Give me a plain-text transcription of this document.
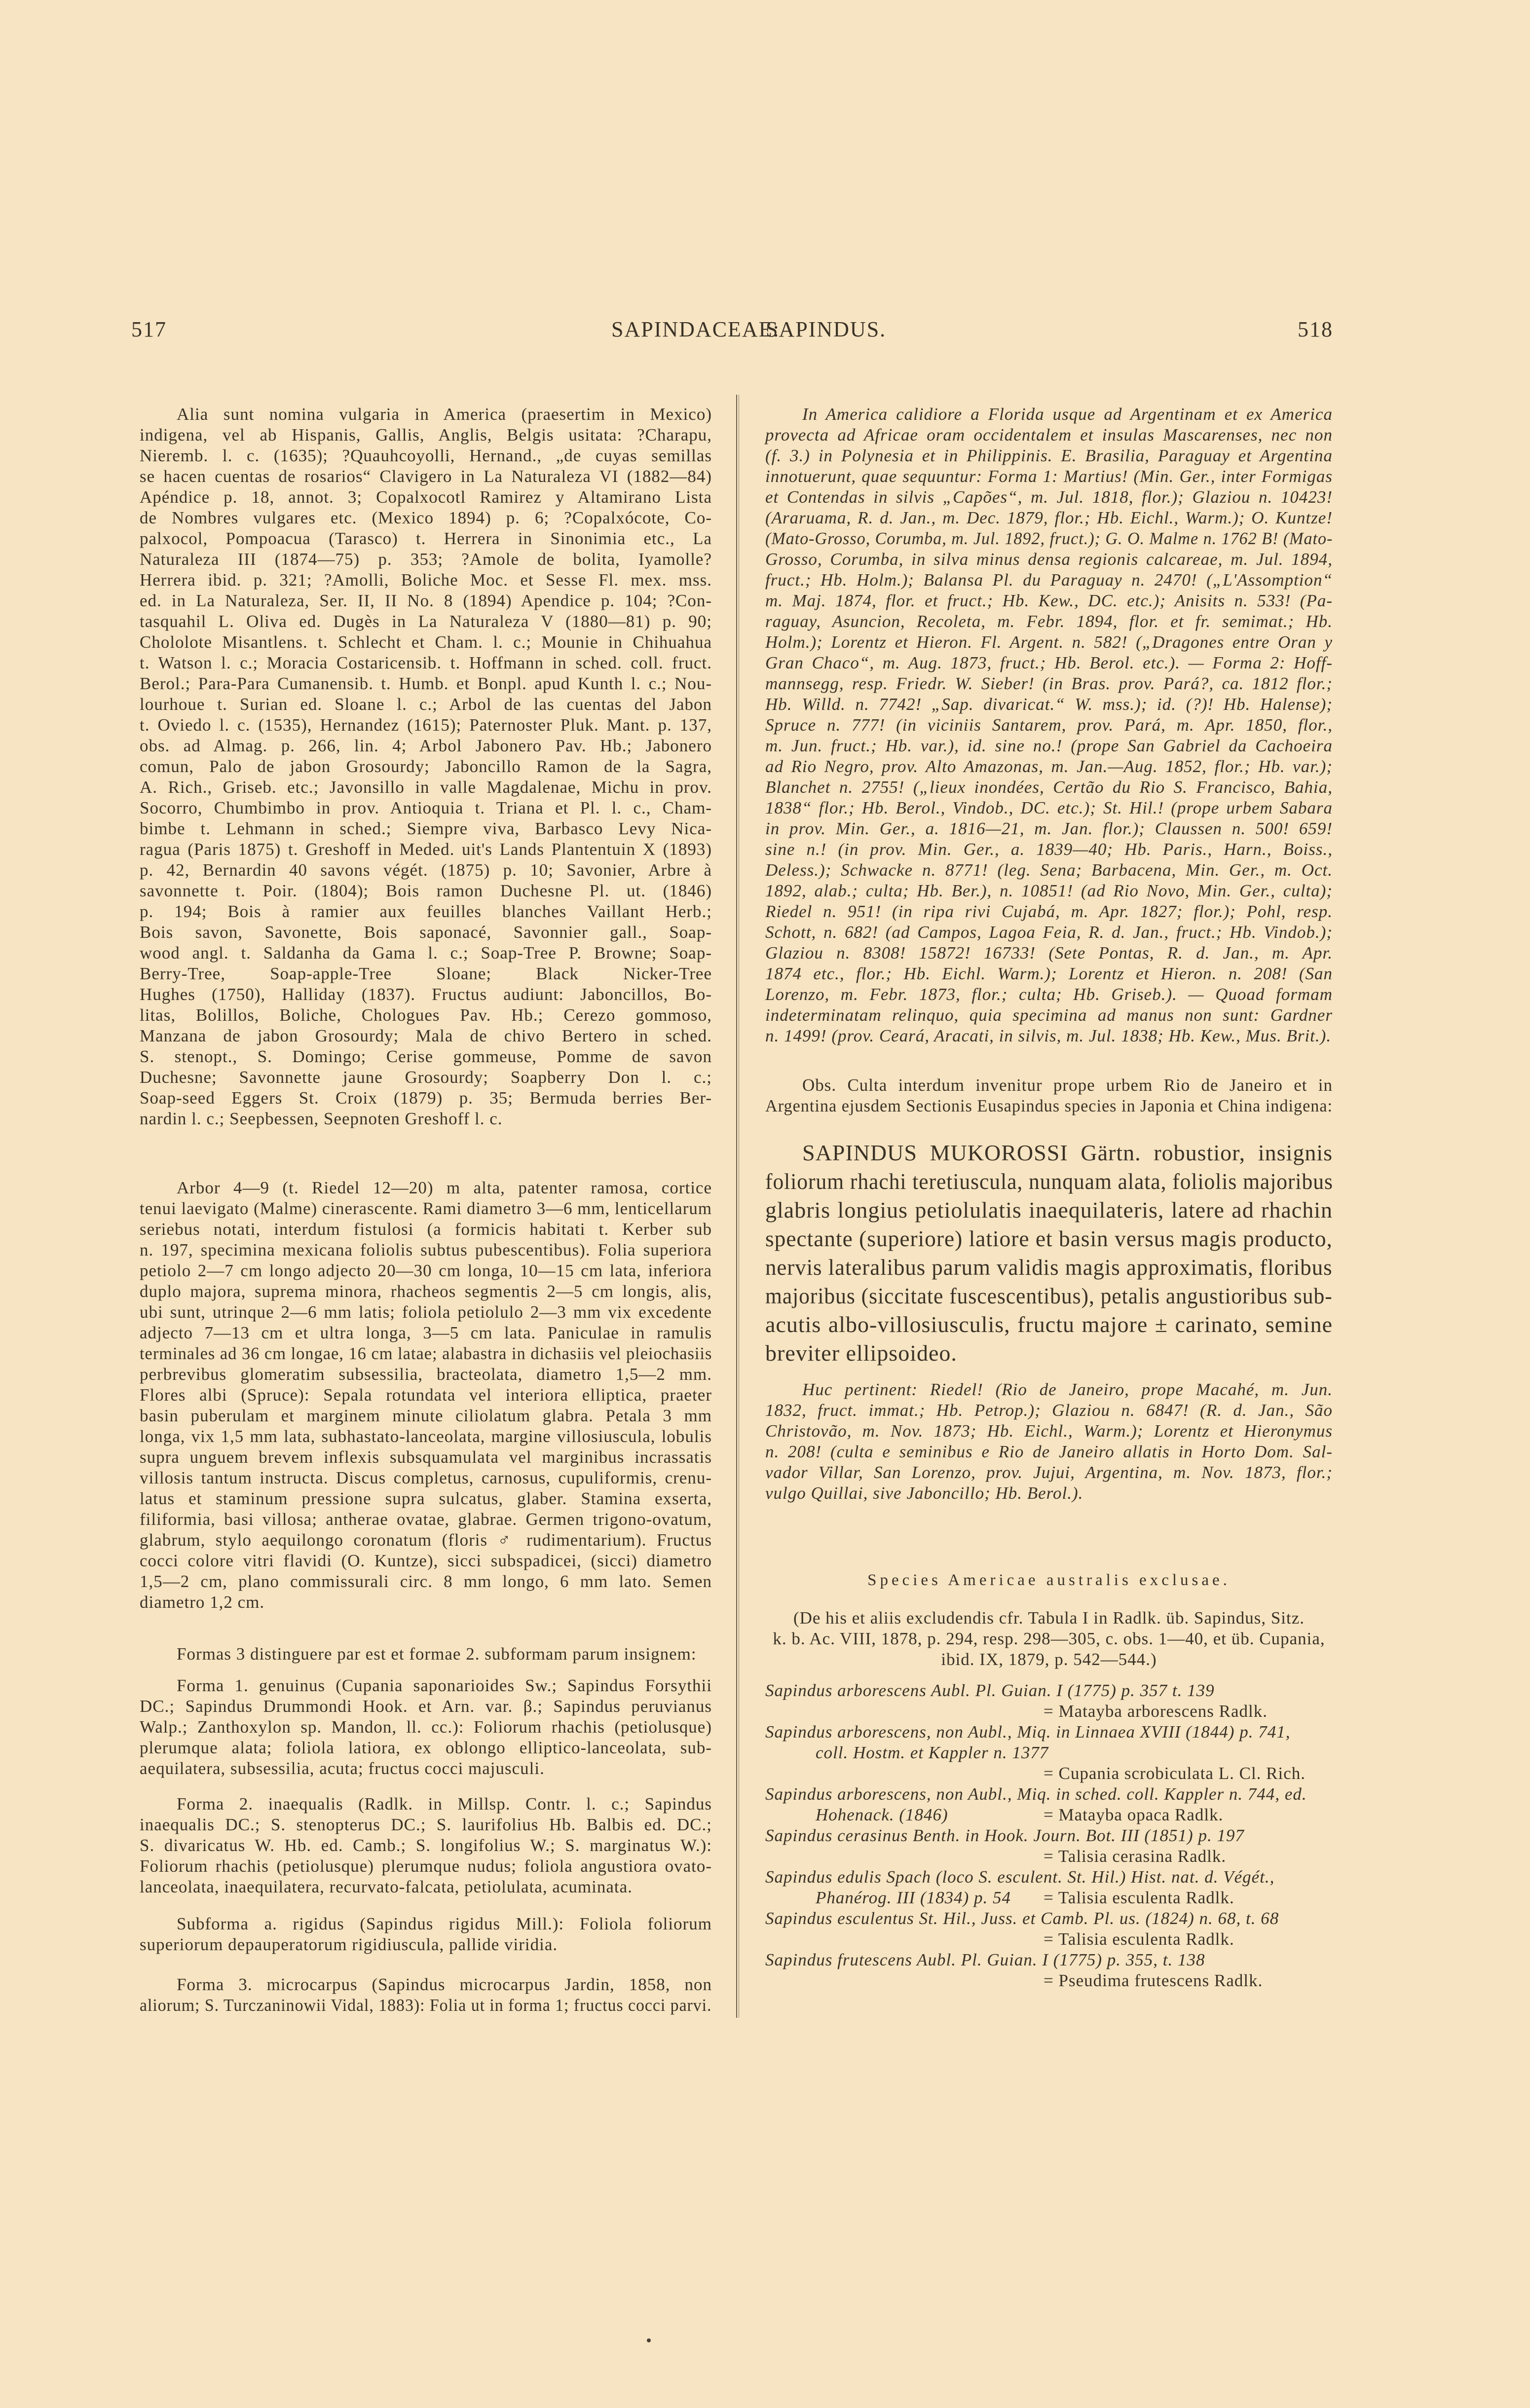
517	SAPINDACEAE:
SAPINDUS.	518
Alia sunt nomina vulgaria in America (praesertim in Mexico)
indigena, vel ab Hispanis, Gallis, Anglis, Belgis usitata: ?Charapu,
Nieremb. l. c. (1635); ?Quauhcoyolli, Hernand., „de cuyas semillas
se hacen cuentas de rosarios“ Clavigero in La Naturaleza VI (1882—84)
Apéndice p. 18, annot. 3; Copalxocotl Ramirez y Altamirano Lista
de Nombres vulgares etc. (Mexico 1894) p. 6; ?Copalxócote, Co-
palxocol, Pompoacua (Tarasco) t. Herrera in Sinonimia etc., La
Naturaleza III (1874—75) p. 353; ?Amole de bolita, Iyamolle?
Herrera ibid. p. 321; ?Amolli, Boliche Moc. et Sesse Fl. mex. mss.
ed. in La Naturaleza, Ser. II, II No. 8 (1894) Apendice p. 104; ?Con-
tasquahil L. Oliva ed. Dugès in La Naturaleza V (1880—81) p. 90;
Chololote Misantlens. t. Schlecht et Cham. l. c.; Mounie in Chihuahua
t. Watson l. c.; Moracia Costaricensib. t. Hoffmann in sched. coll. fruct.
Berol.; Para-Para Cumanensib. t. Humb. et Bonpl. apud Kunth l. c.; Nou-
lourhoue t. Surian ed. Sloane l. c.; Arbol de las cuentas del Jabon
t. Oviedo l. c. (1535), Hernandez (1615); Paternoster Pluk. Mant. p. 137,
obs. ad Almag. p. 266, lin. 4; Arbol Jabonero Pav. Hb.; Jabonero
comun, Palo de jabon Grosourdy; Jaboncillo Ramon de la Sagra,
A. Rich., Griseb. etc.; Javonsillo in valle Magdalenae, Michu in prov.
Socorro, Chumbimbo in prov. Antioquia t. Triana et Pl. l. c., Cham-
bimbe t. Lehmann in sched.; Siempre viva, Barbasco Levy Nica-
ragua (Paris 1875) t. Greshoff in Meded. uit's Lands Plantentuin X (1893)
p. 42, Bernardin 40 savons végét. (1875) p. 10; Savonier, Arbre à
savonnette t. Poir. (1804); Bois ramon Duchesne Pl. ut. (1846)
p. 194; Bois à ramier aux feuilles blanches Vaillant Herb.;
Bois savon, Savonette, Bois saponacé, Savonnier gall., Soap-
wood angl. t. Saldanha da Gama l. c.; Soap-Tree P. Browne; Soap-
Berry-Tree, Soap-apple-Tree Sloane; Black Nicker-Tree
Hughes (1750), Halliday (1837). Fructus audiunt: Jaboncillos, Bo-
litas, Bolillos, Boliche, Chologues Pav. Hb.; Cerezo gommoso,
Manzana de jabon Grosourdy; Mala de chivo Bertero in sched.
S. stenopt., S. Domingo; Cerise gommeuse, Pomme de savon
Duchesne; Savonnette jaune Grosourdy; Soapberry Don l. c.;
Soap-seed Eggers St. Croix (1879) p. 35; Bermuda berries Ber-
nardin l. c.; Seepbessen, Seepnoten Greshoff l. c.
Arbor 4—9 (t. Riedel 12—20) m alta, patenter ramosa, cortice
tenui laevigato (Malme) cinerascente. Rami diametro 3—6 mm, lenticellarum
seriebus notati, interdum fistulosi (a formicis habitati t. Kerber sub
n. 197, specimina mexicana foliolis subtus pubescentibus). Folia superiora
petiolo 2—7 cm longo adjecto 20—30 cm longa, 10—15 cm lata, inferiora
duplo majora, suprema minora, rhacheos segmentis 2—5 cm longis, alis,
ubi sunt, utrinque 2—6 mm latis; foliola petiolulo 2—3 mm vix excedente
adjecto 7—13 cm et ultra longa, 3—5 cm lata. Paniculae in ramulis
terminales ad 36 cm longae, 16 cm latae; alabastra in dichasiis vel pleiochasiis
perbrevibus glomeratim subsessilia, bracteolata, diametro 1,5—2 mm.
Flores albi (Spruce): Sepala rotundata vel interiora elliptica, praeter
basin puberulam et marginem minute ciliolatum glabra. Petala 3 mm
longa, vix 1,5 mm lata, subhastato-lanceolata, margine villosiuscula, lobulis
supra unguem brevem inflexis subsquamulata vel marginibus incrassatis
villosis tantum instructa. Discus completus, carnosus, cupuliformis, crenu-
latus et staminum pressione supra sulcatus, glaber. Stamina exserta,
filiformia, basi villosa; antherae ovatae, glabrae. Germen trigono-ovatum,
glabrum, stylo aequilongo coronatum (floris ♂ rudimentarium). Fructus
cocci colore vitri flavidi (O. Kuntze), sicci subspadicei, (sicci) diametro
1,5—2 cm, plano commissurali circ. 8 mm longo, 6 mm lato. Semen
diametro 1,2 cm.
Formas 3 distinguere par est et formae 2. subformam parum insignem:
Forma 1. genuinus (Cupania saponarioides Sw.; Sapindus Forsythii
DC.; Sapindus Drummondi Hook. et Arn. var. β.; Sapindus peruvianus
Walp.; Zanthoxylon sp. Mandon, ll. cc.): Foliorum rhachis (petiolusque)
plerumque alata; foliola latiora, ex oblongo elliptico-lanceolata, sub-
aequilatera, subsessilia, acuta; fructus cocci majusculi.
Forma 2. inaequalis (Radlk. in Millsp. Contr. l. c.; Sapindus
inaequalis DC.; S. stenopterus DC.; S. laurifolius Hb. Balbis ed. DC.;
S. divaricatus W. Hb. ed. Camb.; S. longifolius W.; S. marginatus W.):
Foliorum rhachis (petiolusque) plerumque nudus; foliola angustiora ovato-
lanceolata, inaequilatera, recurvato-falcata, petiolulata, acuminata.
Subforma a. rigidus (Sapindus rigidus Mill.): Foliola foliorum
superiorum depauperatorum rigidiuscula, pallide viridia.
Forma 3. microcarpus (Sapindus microcarpus Jardin, 1858, non
aliorum; S. Turczaninowii Vidal, 1883): Folia ut in forma 1; fructus cocci parvi.
In America calidiore a Florida usque ad Argentinam et ex America
provecta ad Africae oram occidentalem et insulas Mascarenses, nec non
(f. 3.) in Polynesia et in Philippinis. E. Brasilia, Paraguay et Argentina
innotuerunt, quae sequuntur: Forma 1: Martius! (Min. Ger., inter Formigas
et Contendas in silvis „Capões“, m. Jul. 1818, flor.); Glaziou n. 10423!
(Araruama, R. d. Jan., m. Dec. 1879, flor.; Hb. Eichl., Warm.); O. Kuntze!
(Mato-Grosso, Corumba, m. Jul. 1892, fruct.); G. O. Malme n. 1762 B! (Mato-
Grosso, Corumba, in silva minus densa regionis calcareae, m. Jul. 1894,
fruct.; Hb. Holm.); Balansa Pl. du Paraguay n. 2470! („L'Assomption“
m. Maj. 1874, flor. et fruct.; Hb. Kew., DC. etc.); Anisits n. 533! (Pa-
raguay, Asuncion, Recoleta, m. Febr. 1894, flor. et fr. semimat.; Hb.
Holm.); Lorentz et Hieron. Fl. Argent. n. 582! („Dragones entre Oran y
Gran Chaco“, m. Aug. 1873, fruct.; Hb. Berol. etc.). — Forma 2: Hoff-
mannsegg, resp. Friedr. W. Sieber! (in Bras. prov. Pará?, ca. 1812 flor.;
Hb. Willd. n. 7742! „Sap. divaricat.“ W. mss.); id. (?)! Hb. Halense);
Spruce n. 777! (in viciniis Santarem, prov. Pará, m. Apr. 1850, flor.,
m. Jun. fruct.; Hb. var.), id. sine no.! (prope San Gabriel da Cachoeira
ad Rio Negro, prov. Alto Amazonas, m. Jan.—Aug. 1852, flor.; Hb. var.);
Blanchet n. 2755! („lieux inondées, Certão du Rio S. Francisco, Bahia,
1838“ flor.; Hb. Berol., Vindob., DC. etc.); St. Hil.! (prope urbem Sabara
in prov. Min. Ger., a. 1816—21, m. Jan. flor.); Claussen n. 500! 659!
sine n.! (in prov. Min. Ger., a. 1839—40; Hb. Paris., Harn., Boiss.,
Deless.); Schwacke n. 8771! (leg. Sena; Barbacena, Min. Ger., m. Oct.
1892, alab.; culta; Hb. Ber.), n. 10851! (ad Rio Novo, Min. Ger., culta);
Riedel n. 951! (in ripa rivi Cujabá, m. Apr. 1827; flor.); Pohl, resp.
Schott, n. 682! (ad Campos, Lagoa Feia, R. d. Jan., fruct.; Hb. Vindob.);
Glaziou n. 8308! 15872! 16733! (Sete Pontas, R. d. Jan., m. Apr.
1874 etc., flor.; Hb. Eichl. Warm.); Lorentz et Hieron. n. 208! (San
Lorenzo, m. Febr. 1873, flor.; culta; Hb. Griseb.). — Quoad formam
indeterminatam relinquo, quia specimina ad manus non sunt: Gardner
n. 1499! (prov. Ceará, Aracati, in silvis, m. Jul. 1838; Hb. Kew., Mus. Brit.).
Obs. Culta interdum invenitur prope urbem Rio de Janeiro et in
Argentina ejusdem Sectionis Eusapindus species in Japonia et China indigena:
SAPINDUS MUKOROSSI Gärtn. robustior, insignis
foliorum rhachi teretiuscula, nunquam alata, foliolis majoribus
glabris longius petiolulatis inaequilateris, latere ad rhachin
spectante (superiore) latiore et basin versus magis producto,
nervis lateralibus parum validis magis approximatis, floribus
majoribus (siccitate fuscescentibus), petalis angustioribus sub-
acutis albo-villosiusculis, fructu majore ± carinato, semine
breviter ellipsoideo.
Huc pertinent: Riedel! (Rio de Janeiro, prope Macahé, m. Jun.
1832, fruct. immat.; Hb. Petrop.); Glaziou n. 6847! (R. d. Jan., São
Christovão, m. Nov. 1873; Hb. Eichl., Warm.); Lorentz et Hieronymus
n. 208! (culta e seminibus e Rio de Janeiro allatis in Horto Dom. Sal-
vador Villar, San Lorenzo, prov. Jujui, Argentina, m. Nov. 1873, flor.;
vulgo Quillai, sive Jaboncillo; Hb. Berol.).
Species Americae australis exclusae.
(De his et aliis excludendis cfr. Tabula I in Radlk. üb. Sapindus, Sitz.
k. b. Ac. VIII, 1878, p. 294, resp. 298—305, c. obs. 1—40, et üb. Cupania,
ibid. IX, 1879, p. 542—544.)
Sapindus arborescens Aubl. Pl. Guian. I (1775) p. 357 t. 139
= Matayba arborescens Radlk.
Sapindus arborescens, non Aubl., Miq. in Linnaea XVIII (1844) p. 741,
coll. Hostm. et Kappler n. 1377
= Cupania scrobiculata L. Cl. Rich.
Sapindus arborescens, non Aubl., Miq. in sched. coll. Kappler n. 744, ed.
Hohenack. (1846)	= Matayba opaca Radlk.
Sapindus cerasinus Benth. in Hook. Journ. Bot. III (1851) p. 197
= Talisia cerasina Radlk.
Sapindus edulis Spach (loco S. esculent. St. Hil.) Hist. nat. d. Végét.,
Phanérog. III (1834) p. 54 = Talisia esculenta Radlk.
Sapindus esculentus St. Hil., Juss. et Camb. Pl. us. (1824) n. 68, t. 68
= Talisia esculenta Radlk.
Sapindus frutescens Aubl. Pl. Guian. I (1775) p. 355, t. 138
= Pseudima frutescens Radlk.
